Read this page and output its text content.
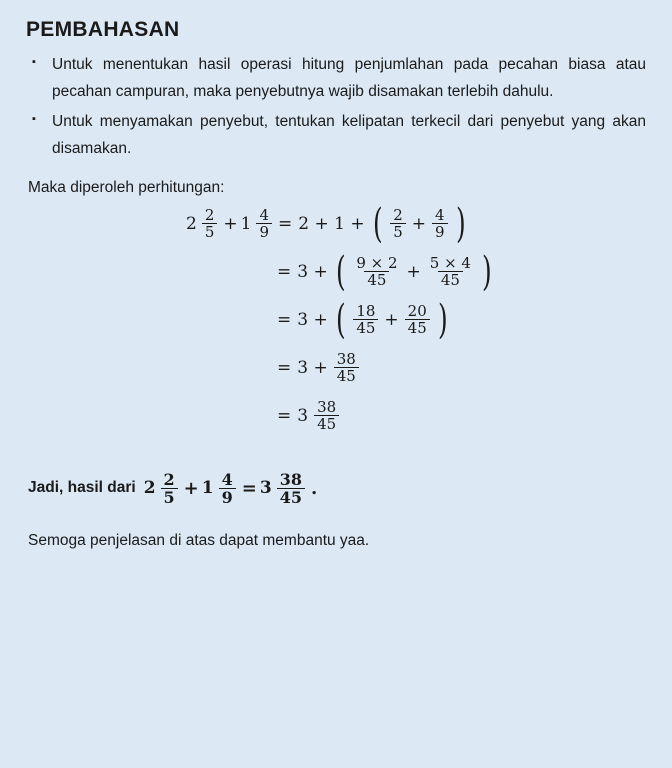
PEMBAHASAN
▪ Untuk menentukan hasil operasi hitung penjumlahan pada pecahan biasa atau pecahan campuran, maka penyebutnya wajib disamakan terlebih dahulu.
▪ Untuk menyamakan penyebut, tentukan kelipatan terkecil dari penyebut yang akan disamakan.
Maka diperoleh perhitungan:
$2 \frac{2}{5} + 1 \frac{4}{9} = 2 + 1$ + ( $\frac{2}{5} + \frac{4}{9}$ )
= 3 + ( $\frac{9 \times 2}{45} + \frac{5 \times 4}{45}$ )
= 3 + ( $\frac{18}{45} + \frac{20}{45}$ )
= $3 + \frac{38}{45}$
= $3 \frac{38}{45}$
Jadi, hasil dari $2 \frac{2}{5} + 1 \frac{4}{9} = 3 \frac{38}{45}$ .
Semoga penjelasan di atas dapat membantu yaa.
